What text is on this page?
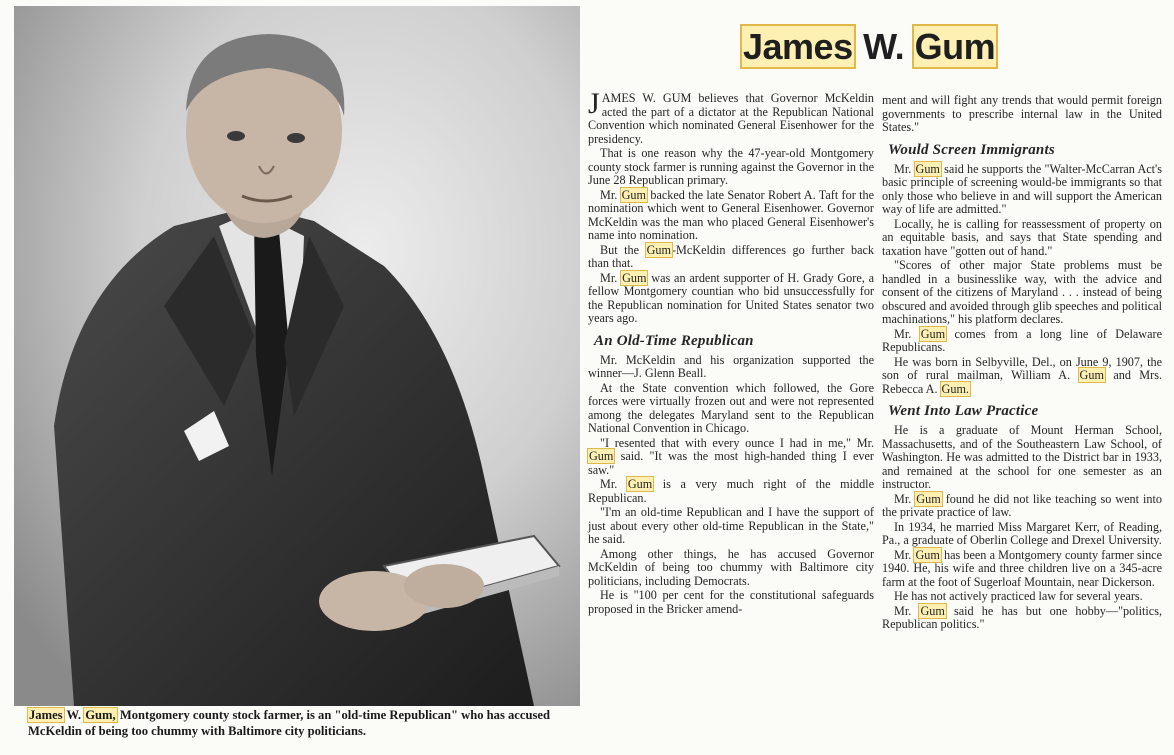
James W. Gum, Montgomery county stock farmer, is an "old-time Republican" who has accused McKeldin of being too chummy with Baltimore city politicians.
James W. Gum

JAMES W. GUM believes that Governor McKeldin acted the part of a dictator at the Republican National Convention which nominated General Eisenhower for the presidency.

That is one reason why the 47-year-old Montgomery county stock farmer is running against the Governor in the June 28 Republican primary.

Mr. Gum backed the late Senator Robert A. Taft for the nomination which went to General Eisenhower. Governor McKeldin was the man who placed General Eisenhower's name into nomination.

But the Gum-McKeldin differences go further back than that.

Mr. Gum was an ardent supporter of H. Grady Gore, a fellow Montgomery countian who bid unsuccessfully for the Republican nomination for United States senator two years ago.

An Old-Time Republican

Mr. McKeldin and his organization supported the winner—J. Glenn Beall.

At the State convention which followed, the Gore forces were virtually frozen out and were not represented among the delegates Maryland sent to the Republican National Convention in Chicago.

"I resented that with every ounce I had in me," Mr. Gum said. "It was the most high-handed thing I ever saw."

Mr. Gum is a very much right of the middle Republican.

"I'm an old-time Republican and I have the support of just about every other old-time Republican in the State," he said.

Among other things, he has accused Governor McKeldin of being too chummy with Baltimore city politicians, including Democrats.

He is "100 per cent for the constitutional safeguards proposed in the Bricker amend-

ment and will fight any trends that would permit foreign governments to prescribe internal law in the United States."

Would Screen Immigrants

Mr. Gum said he supports the "Walter-McCarran Act's basic principle of screening would-be immigrants so that only those who believe in and will support the American way of life are admitted."

Locally, he is calling for reassessment of property on an equitable basis, and says that State spending and taxation have "gotten out of hand."

"Scores of other major State problems must be handled in a businesslike way, with the advice and consent of the citizens of Maryland . . . instead of being obscured and avoided through glib speeches and political machinations," his platform declares.

Mr. Gum comes from a long line of Delaware Republicans.

He was born in Selbyville, Del., on June 9, 1907, the son of rural mailman, William A. Gum and Mrs. Rebecca A. Gum.

Went Into Law Practice

He is a graduate of Mount Herman School, Massachusetts, and of the Southeastern Law School, of Washington. He was admitted to the District bar in 1933, and remained at the school for one semester as an instructor.

Mr. Gum found he did not like teaching so went into the private practice of law.

In 1934, he married Miss Margaret Kerr, of Reading, Pa., a graduate of Oberlin College and Drexel University.

Mr. Gum has been a Montgomery county farmer since 1940. He, his wife and three children live on a 345-acre farm at the foot of Sugerloaf Mountain, near Dickerson.

He has not actively practiced law for several years.

Mr. Gum said he has but one hobby—"politics, Republican politics."
